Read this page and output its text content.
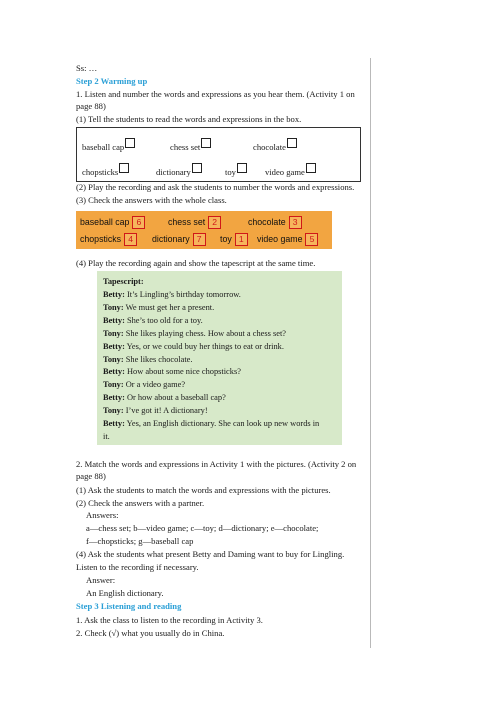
Ss: …
Step 2 Warming up
1. Listen and number the words and expressions as you hear them. (Activity 1 on
page 88)
(1) Tell the students to read the words and expressions in the box.
baseball cap	chess set	chocolate
chopsticks	dictionary	toy	video game
(2) Play the recording and ask the students to number the words and expressions.
(3) Check the answers with the whole class.
baseball cap 6	chess set 2	chocolate 3
chopsticks 4	dictionary 7	toy 1	video game 5
(4) Play the recording again and show the tapescript at the same time.
Tapescript:
Betty: It’s Lingling’s birthday tomorrow.
Tony: We must get her a present.
Betty: She’s too old for a toy.
Tony: She likes playing chess. How about a chess set?
Betty: Yes, or we could buy her things to eat or drink.
Tony: She likes chocolate.
Betty: How about some nice chopsticks?
Tony: Or a video game?
Betty: Or how about a baseball cap?
Tony: I’ve got it! A dictionary!
Betty: Yes, an English dictionary. She can look up new words in
it.
2. Match the words and expressions in Activity 1 with the pictures. (Activity 2 on
page 88)
(1) Ask the students to match the words and expressions with the pictures.
(2) Check the answers with a partner.
Answers:
a—chess set; b—video game; c—toy; d—dictionary; e—chocolate;
f—chopsticks; g—baseball cap
(4) Ask the students what present Betty and Daming want to buy for Lingling.
Listen to the recording if necessary.
Answer:
An English dictionary.
Step 3 Listening and reading
1. Ask the class to listen to the recording in Activity 3.
2. Check (√) what you usually do in China.
